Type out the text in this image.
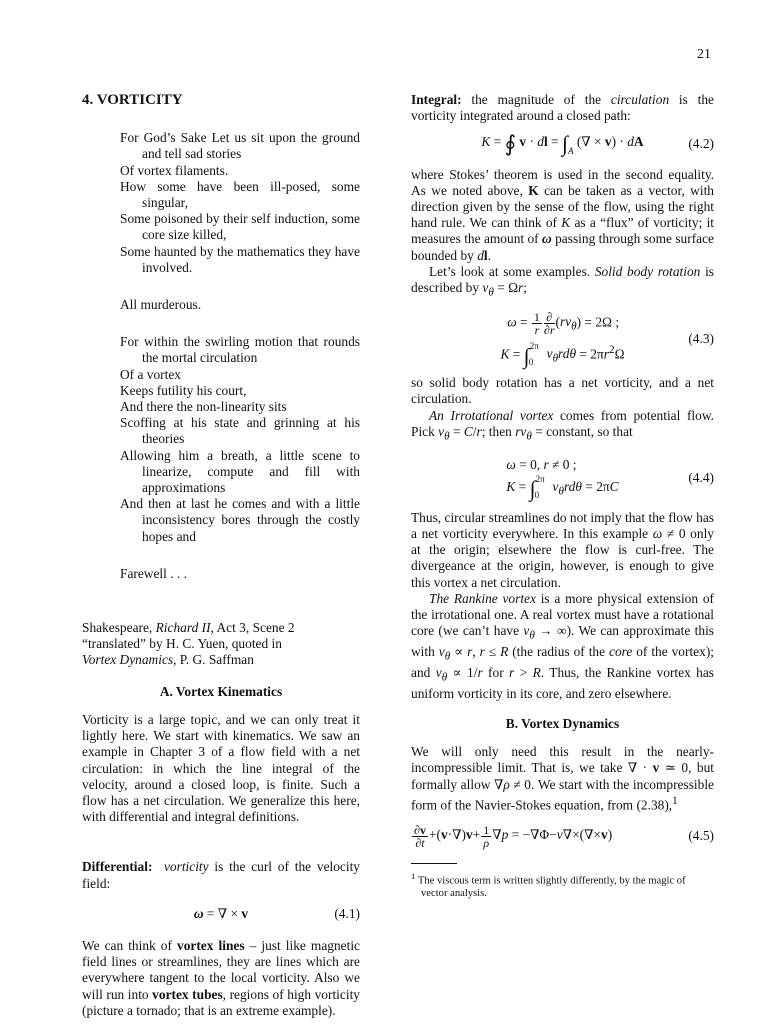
21
4. VORTICITY
For God’s Sake Let us sit upon the ground and tell sad stories
Of vortex filaments.
How some have been ill-posed, some singular,
Some poisoned by their self induction, some core size killed,
Some haunted by the mathematics they have involved.
All murderous.
For within the swirling motion that rounds the mortal circulation
Of a vortex
Keeps futility his court,
And there the non-linearity sits
Scoffing at his state and grinning at his theories
Allowing him a breath, a little scene to linearize, compute and fill with approximations
And then at last he comes and with a little inconsistency bores through the costly hopes and
Farewell . . .
Shakespeare, Richard II, Act 3, Scene 2
“translated” by H. C. Yuen, quoted in
Vortex Dynamics, P. G. Saffman
A. Vortex Kinematics

Vorticity is a large topic, and we can only treat it lightly here. We start with kinematics. We saw an example in Chapter 3 of a flow field with a net circulation: in which the line integral of the velocity, around a closed loop, is finite. Such a flow has a net circulation. We generalize this here, with differential and integral definitions.

Differential: vorticity is the curl of the velocity field:

ω = ∇ × v	(4.1)

We can think of vortex lines – just like magnetic field lines or streamlines, they are lines which are everywhere tangent to the local vorticity. Also we will run into vortex tubes, regions of high vorticity (picture a tornado; that is an extreme example).

Integral: the magnitude of the circulation is the vorticity integrated around a closed path:

K = ∮ v · dl = $\int_A$ (∇ × v) · dA	(4.2)

where Stokes’ theorem is used in the second equality. As we noted above, K can be taken as a vector, with direction given by the sense of the flow, using the right hand rule. We can think of K as a “flux” of vorticity; it measures the amount of ω passing through some surface bounded by dl.

Let’s look at some examples. Solid body rotation is described by $v_\theta = \Omega r$;

$\omega = \frac{1}{r} \frac{\partial}{\partial r} (rv_\theta) = 2\Omega$ ;
K = ∫$^{2\pi}_0$ $v_\theta rd\theta = 2\pi r^2\Omega$
(4.3)

so solid body rotation has a net vorticity, and a net circulation.

An Irrotational vortex comes from potential flow. Pick $v_\theta = C/r$; then $rv_\theta$ = constant, so that

ω = 0, r ≠ 0 ;
K = ∫$^{2\pi}_0$ $v_\theta rd\theta = 2\pi C$
(4.4)

Thus, circular streamlines do not imply that the flow has a net vorticity everywhere. In this example ω ≠ 0 only at the origin; elsewhere the flow is curl-free. The divergeance at the origin, however, is enough to give this vortex a net circulation.

The Rankine vortex is a more physical extension of the irrotational one. A real vortex must have a rotational core (we can’t have $v_\theta$ → ∞). We can approximate this with $v_\theta \propto r$, r ≤ R (the radius of the core of the vortex); and $v_\theta \propto 1/r$ for r > R. Thus, the Rankine vortex has uniform vorticity in its core, and zero elsewhere.

B. Vortex Dynamics

We will only need this result in the nearly-incompressible limit. That is, we take ∇ · v ≃ 0, but formally allow ∇ρ ≠ 0. We start with the incompressible form of the Navier-Stokes equation, from (2.38),$^1$

$\frac{\partial v}{\partial t} +(v\cdot\nabla)v+ \frac{1}{\rho} \nabla p = -\nabla\Phi-\nu\nabla\times(\nabla\times v)$	(4.5)
$^1$ The viscous term is written slightly differently, by the magic of vector analysis.
